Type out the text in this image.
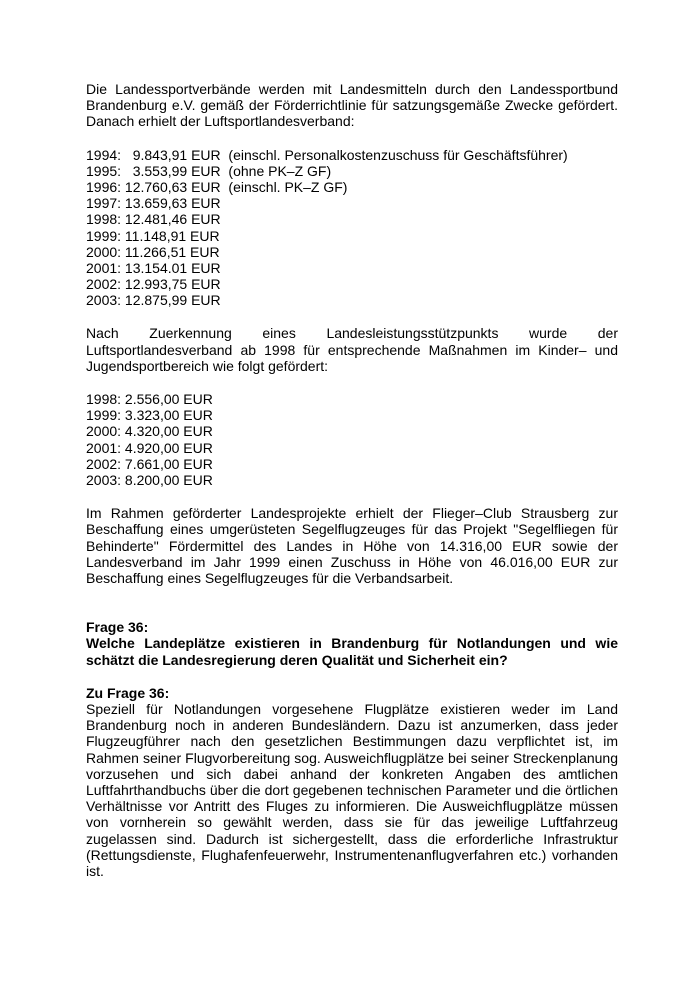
Die Landessportverbände werden mit Landesmitteln durch den Landessportbund Brandenburg e.V. gemäß der Förderrichtlinie für satzungsgemäße Zwecke gefördert. Danach erhielt der Luftsportlandesverband:

1994:   9.843,91 EUR  (einschl. Personalkostenzuschuss für Geschäftsführer)
1995:   3.553,99 EUR  (ohne PK–Z GF)
1996: 12.760,63 EUR  (einschl. PK–Z GF)
1997: 13.659,63 EUR
1998: 12.481,46 EUR
1999: 11.148,91 EUR
2000: 11.266,51 EUR
2001: 13.154.01 EUR
2002: 12.993,75 EUR
2003: 12.875,99 EUR

Nach Zuerkennung eines Landesleistungsstützpunkts wurde der Luftsportlandesverband ab 1998 für entsprechende Maßnahmen im Kinder– und Jugendsportbereich wie folgt gefördert:

1998: 2.556,00 EUR
1999: 3.323,00 EUR
2000: 4.320,00 EUR
2001: 4.920,00 EUR
2002: 7.661,00 EUR
2003: 8.200,00 EUR

Im Rahmen geförderter Landesprojekte erhielt der Flieger–Club Strausberg zur Beschaffung eines umgerüsteten Segelflugzeuges für das Projekt "Segelfliegen für Behinderte" Fördermittel des Landes in Höhe von 14.316,00 EUR sowie der Landesverband im Jahr 1999 einen Zuschuss in Höhe von 46.016,00 EUR zur Beschaffung eines Segelflugzeuges für die Verbandsarbeit.

Frage 36:

Welche Landeplätze existieren in Brandenburg für Notlandungen und wie schätzt die Landesregierung deren Qualität und Sicherheit ein?

Zu Frage 36:

Speziell für Notlandungen vorgesehene Flugplätze existieren weder im Land Brandenburg noch in anderen Bundesländern. Dazu ist anzumerken, dass jeder Flugzeugführer nach den gesetzlichen Bestimmungen dazu verpflichtet ist, im Rahmen seiner Flugvorbereitung sog. Ausweichflugplätze bei seiner Streckenplanung vorzusehen und sich dabei anhand der konkreten Angaben des amtlichen Luftfahrthandbuchs über die dort gegebenen technischen Parameter und die örtlichen Verhältnisse vor Antritt des Fluges zu informieren. Die Ausweichflugplätze müssen von vornherein so gewählt werden, dass sie für das jeweilige Luftfahrzeug zugelassen sind. Dadurch ist sichergestellt, dass die erforderliche Infrastruktur (Rettungsdienste, Flughafenfeuerwehr, Instrumentenanflugverfahren etc.) vorhanden ist.
